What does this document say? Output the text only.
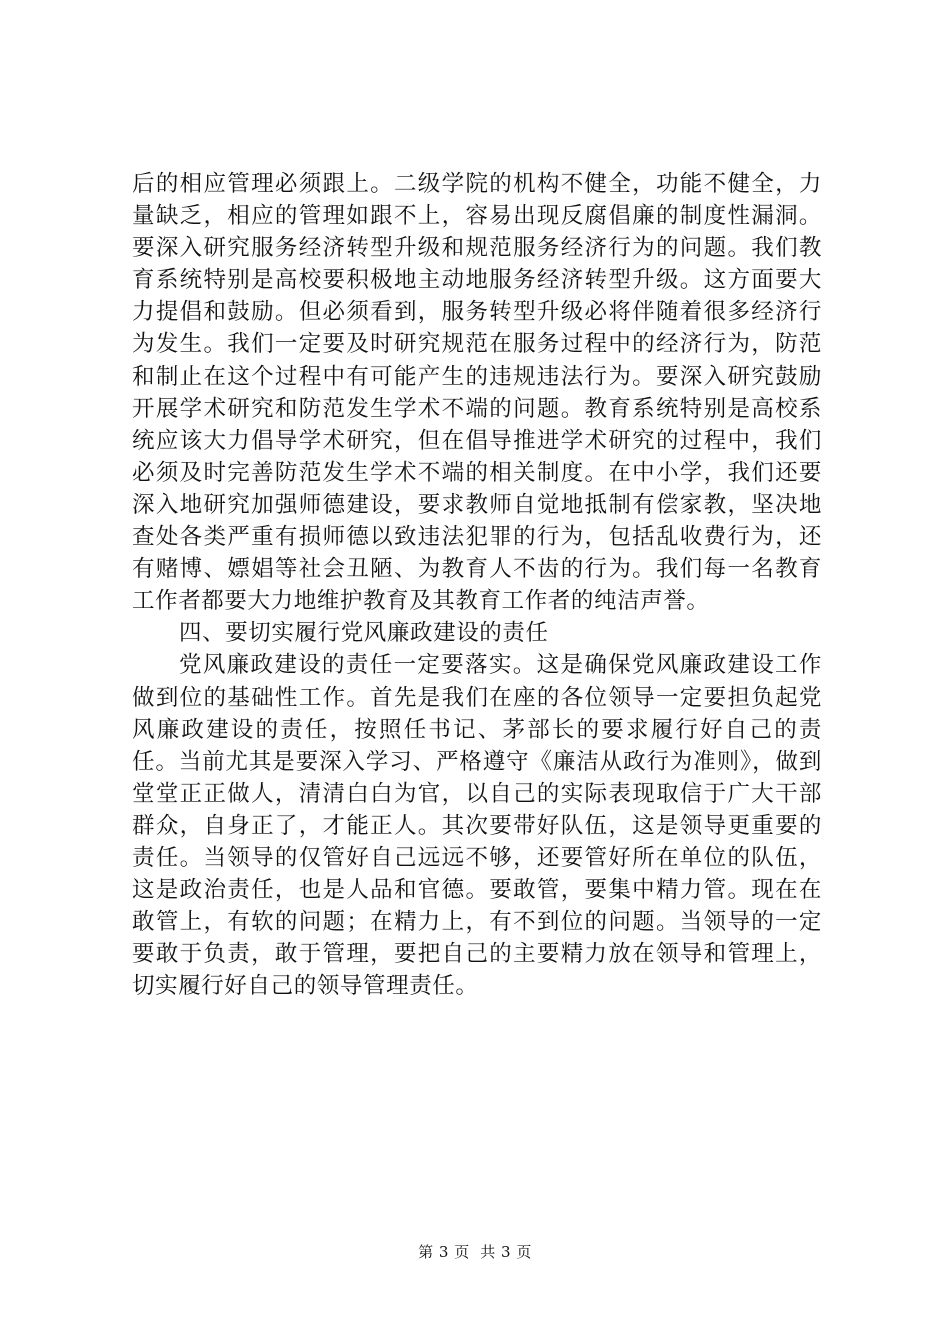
后的相应管理必须跟上。二级学院的机构不健全，功能不健全，力量缺乏，相应的管理如跟不上，容易出现反腐倡廉的制度性漏洞。要深入研究服务经济转型升级和规范服务经济行为的问题。我们教育系统特别是高校要积极地主动地服务经济转型升级。这方面要大力提倡和鼓励。但必须看到，服务转型升级必将伴随着很多经济行为发生。我们一定要及时研究规范在服务过程中的经济行为，防范和制止在这个过程中有可能产生的违规违法行为。要深入研究鼓励开展学术研究和防范发生学术不端的问题。教育系统特别是高校系统应该大力倡导学术研究，但在倡导推进学术研究的过程中，我们必须及时完善防范发生学术不端的相关制度。在中小学，我们还要深入地研究加强师德建设，要求教师自觉地抵制有偿家教，坚决地查处各类严重有损师德以致违法犯罪的行为，包括乱收费行为，还有赌博、嫖娼等社会丑陋、为教育人不齿的行为。我们每一名教育工作者都要大力地维护教育及其教育工作者的纯洁声誉。

四、要切实履行党风廉政建设的责任

党风廉政建设的责任一定要落实。这是确保党风廉政建设工作做到位的基础性工作。首先是我们在座的各位领导一定要担负起党风廉政建设的责任，按照任书记、茅部长的要求履行好自己的责任。当前尤其是要深入学习、严格遵守《廉洁从政行为准则》，做到堂堂正正做人，清清白白为官，以自己的实际表现取信于广大干部群众，自身正了，才能正人。其次要带好队伍，这是领导更重要的责任。当领导的仅管好自己远远不够，还要管好所在单位的队伍，这是政治责任，也是人品和官德。要敢管，要集中精力管。现在在敢管上，有软的问题；在精力上，有不到位的问题。当领导的一定要敢于负责，敢于管理，要把自己的主要精力放在领导和管理上，切实履行好自己的领导管理责任。

第 3 页  共 3 页
